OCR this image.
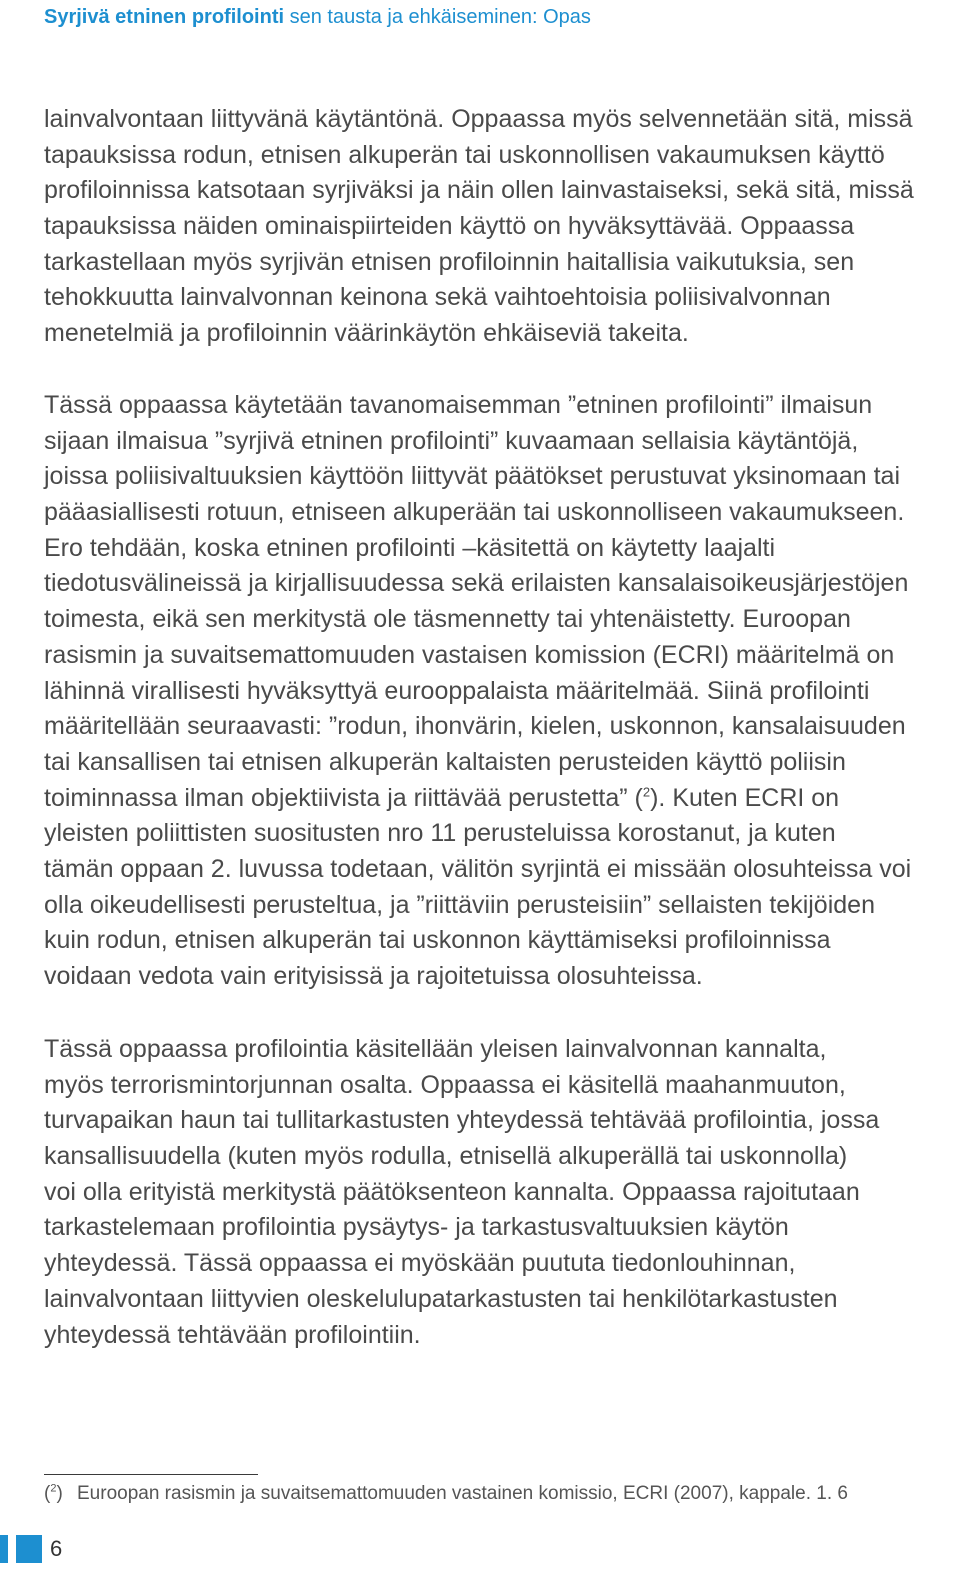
Syrjivä etninen profilointi sen tausta ja ehkäiseminen: Opas

lainvalvontaan liittyvänä käytäntönä. Oppaassa myös selvennetään sitä, missä
tapauksissa rodun, etnisen alkuperän tai uskonnollisen vakaumuksen käyttö
profiloinnissa katsotaan syrjiväksi ja näin ollen lainvastaiseksi, sekä sitä, missä
tapauksissa näiden ominaispiirteiden käyttö on hyväksyttävää. Oppaassa
tarkastellaan myös syrjivän etnisen profiloinnin haitallisia vaikutuksia, sen
tehokkuutta lainvalvonnan keinona sekä vaihtoehtoisia poliisivalvonnan
menetelmiä ja profiloinnin väärinkäytön ehkäiseviä takeita.

Tässä oppaassa käytetään tavanomaisemman ”etninen profilointi” ilmaisun
sijaan ilmaisua ”syrjivä etninen profilointi” kuvaamaan sellaisia käytäntöjä,
joissa poliisivaltuuksien käyttöön liittyvät päätökset perustuvat yksinomaan tai
pääasiallisesti rotuun, etniseen alkuperään tai uskonnolliseen vakaumukseen.
Ero tehdään, koska etninen profilointi –käsitettä on käytetty laajalti
tiedotusvälineissä ja kirjallisuudessa sekä erilaisten kansalaisoikeusjärjestöjen
toimesta, eikä sen merkitystä ole täsmennetty tai yhtenäistetty. Euroopan
rasismin ja suvaitsemattomuuden vastaisen komission (ECRI) määritelmä on
lähinnä virallisesti hyväksyttyä eurooppalaista määritelmää. Siinä profilointi
määritellään seuraavasti: ”rodun, ihonvärin, kielen, uskonnon, kansalaisuuden
tai kansallisen tai etnisen alkuperän kaltaisten perusteiden käyttö poliisin
toiminnassa ilman objektiivista ja riittävää perustetta” ($^2$). Kuten ECRI on
yleisten poliittisten suositusten nro 11 perusteluissa korostanut, ja kuten
tämän oppaan 2. luvussa todetaan, välitön syrjintä ei missään olosuhteissa voi
olla oikeudellisesti perusteltua, ja ”riittäviin perusteisiin” sellaisten tekijöiden
kuin rodun, etnisen alkuperän tai uskonnon käyttämiseksi profiloinnissa
voidaan vedota vain erityisissä ja rajoitetuissa olosuhteissa.

Tässä oppaassa profilointia käsitellään yleisen lainvalvonnan kannalta,
myös terrorismintorjunnan osalta. Oppaassa ei käsitellä maahanmuuton,
turvapaikan haun tai tullitarkastusten yhteydessä tehtävää profilointia, jossa
kansallisuudella (kuten myös rodulla, etnisellä alkuperällä tai uskonnolla)
voi olla erityistä merkitystä päätöksenteon kannalta. Oppaassa rajoitutaan
tarkastelemaan profilointia pysäytys- ja tarkastusvaltuuksien käytön
yhteydessä. Tässä oppaassa ei myöskään puututa tiedonlouhinnan,
lainvalvontaan liittyvien oleskelulupatarkastusten tai henkilötarkastusten
yhteydessä tehtävään profilointiin.

($^2$) Euroopan rasismin ja suvaitsemattomuuden vastainen komissio, ECRI (2007), kappale. 1. 6
6
